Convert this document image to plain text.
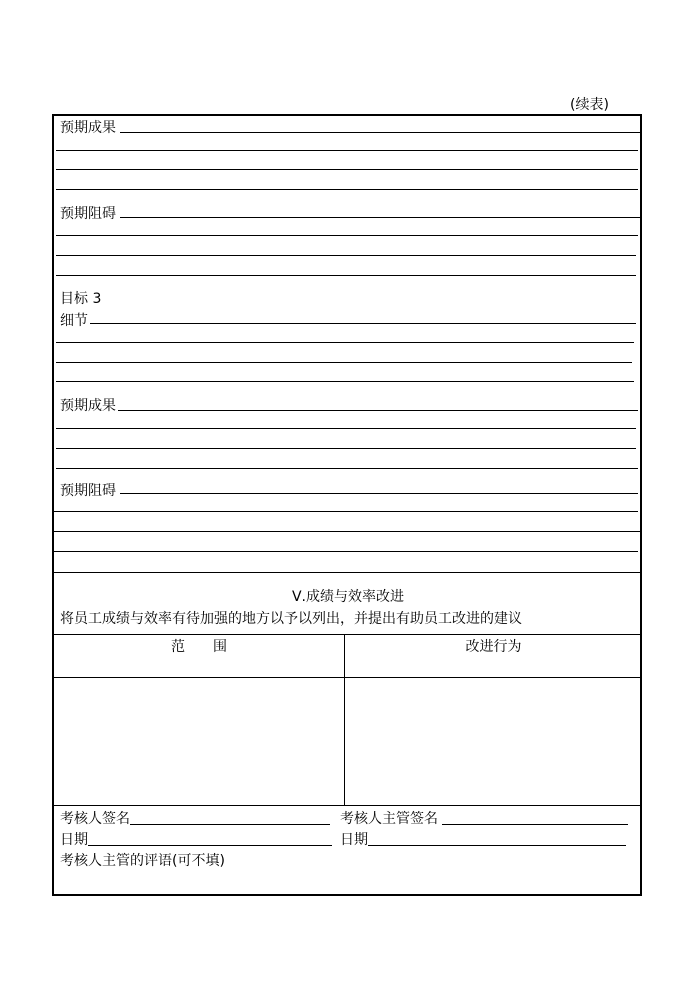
(续表)
预期成果
预期阻碍
目标 3
细节
预期成果
预期阻碍
Ⅴ.成绩与效率改进
将员工成绩与效率有待加强的地方以予以列出，并提出有助员工改进的建议
范　　围	改进行为
考核人签名	考核人主管签名
日期	日期
考核人主管的评语(可不填)
